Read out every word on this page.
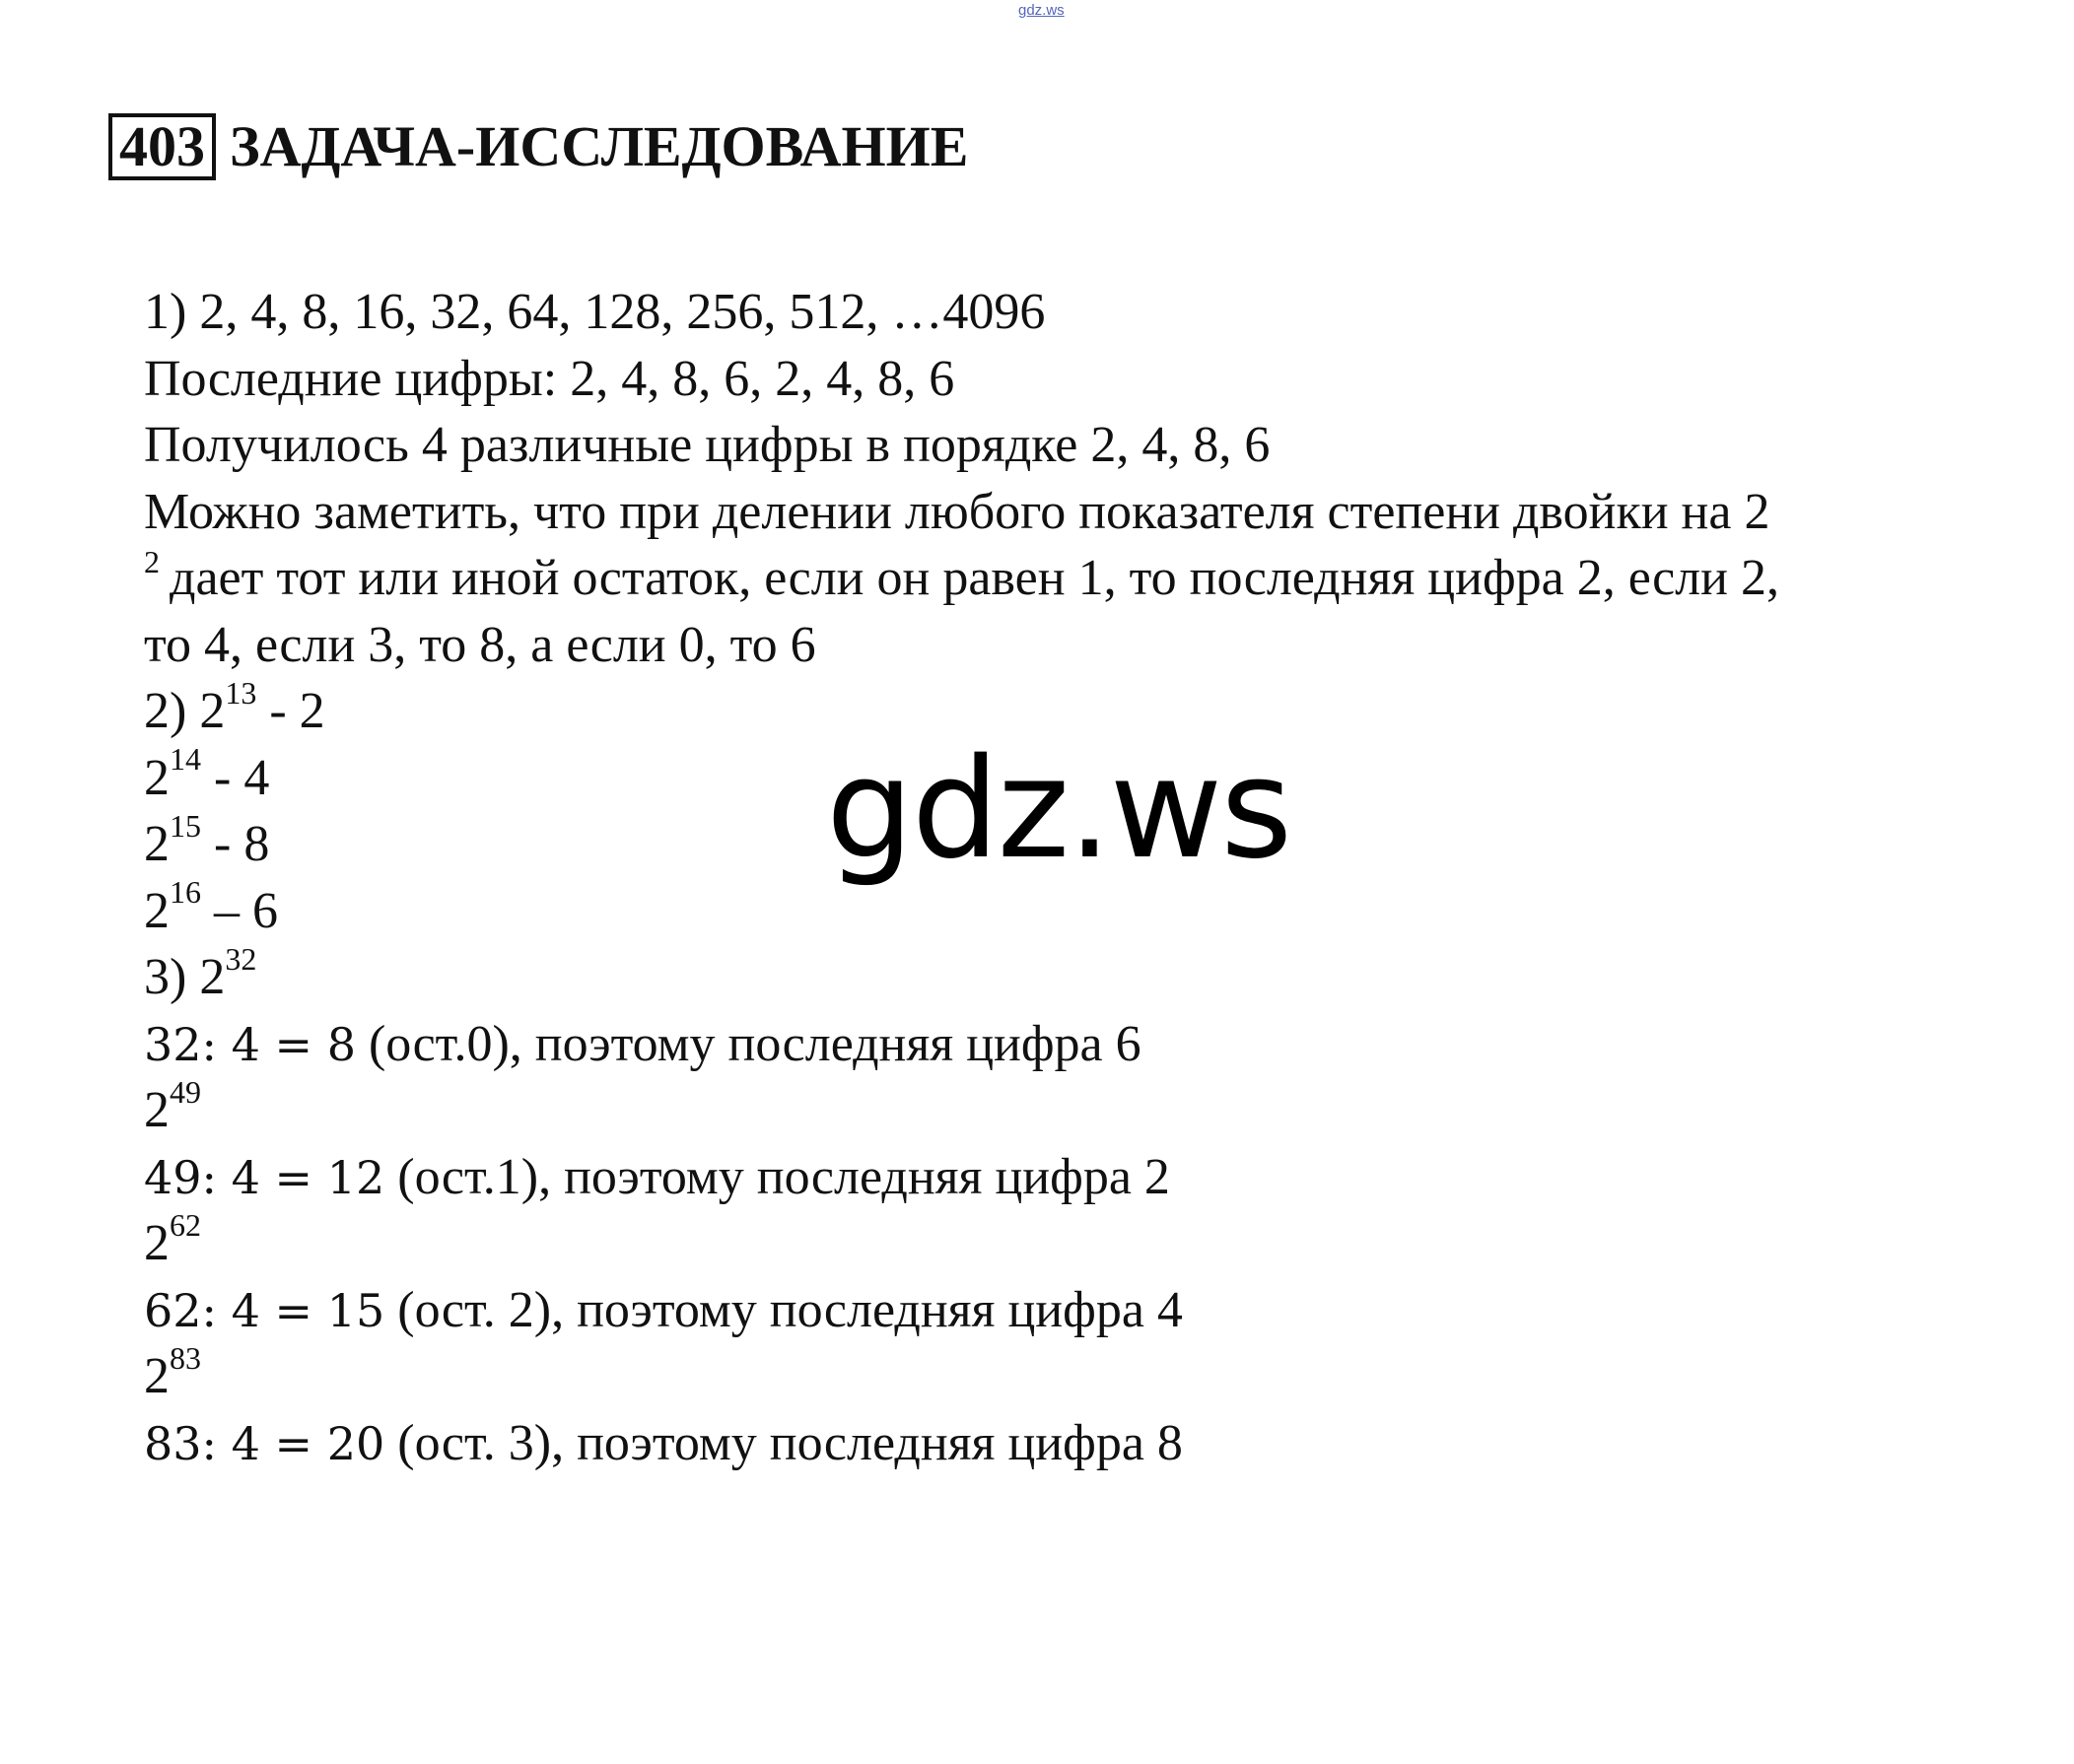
gdz.ws
403 ЗАДАЧА-ИССЛЕДОВАНИЕ
1) 2, 4, 8, 16, 32, 64, 128, 256, 512, …4096
Последние цифры: 2, 4, 8, 6, 2, 4, 8, 6
Получилось 4 различные цифры в порядке 2, 4, 8, 6
Можно заметить, что при делении любого показателя степени двойки на 2
$^2$ дает тот или иной остаток, если он равен 1, то последняя цифра 2, если 2,
то 4, если 3, то 8, а если 0, то 6
2) $2^{13} - 2$
$2^{14} - 4$
$2^{15} - 8$
$2^{16} - 6$
3) $2^{32}$
32: 4 = 8 (ост.0), поэтому последняя цифра 6
$2^{49}$
49: 4 = 12 (ост.1), поэтому последняя цифра 2
$2^{62}$
62: 4 = 15 (ост. 2), поэтому последняя цифра 4
$2^{83}$
83: 4 = 20 (ост. 3), поэтому последняя цифра 8
gdz.ws
